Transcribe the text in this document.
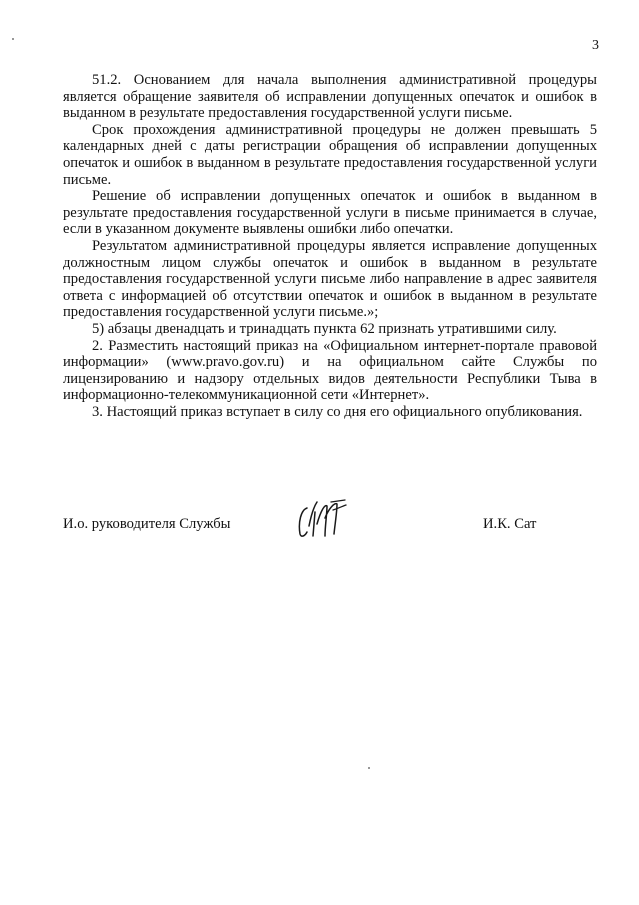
3

51.2. Основанием для начала выполнения административной процедуры является обращение заявителя об исправлении допущенных опечаток и ошибок в выданном в результате предоставления государственной услуги письме.

Срок прохождения административной процедуры не должен превышать 5 календарных дней с даты регистрации обращения об исправлении допущенных опечаток и ошибок в выданном в результате предоставления государственной услуги письме.

Решение об исправлении допущенных опечаток и ошибок в выданном в результате предоставления государственной услуги в письме принимается в случае, если в указанном документе выявлены ошибки либо опечатки.

Результатом административной процедуры является исправление допущенных должностным лицом службы опечаток и ошибок в выданном в результате предоставления государственной услуги письме либо направление в адрес заявителя ответа с информацией об отсутствии опечаток и ошибок в выданном в результате предоставления государственной услуги письме.»;

5) абзацы двенадцать и тринадцать пункта 62 признать утратившими силу.

2. Разместить настоящий приказ на «Официальном интернет-портале правовой информации» (www.pravo.gov.ru) и на официальном сайте Службы по лицензированию и надзору отдельных видов деятельности Республики Тыва в информационно-телекоммуникационной сети «Интернет».

3. Настоящий приказ вступает в силу со дня его официального опубликования.

И.о. руководителя Службы	И.К. Сат
